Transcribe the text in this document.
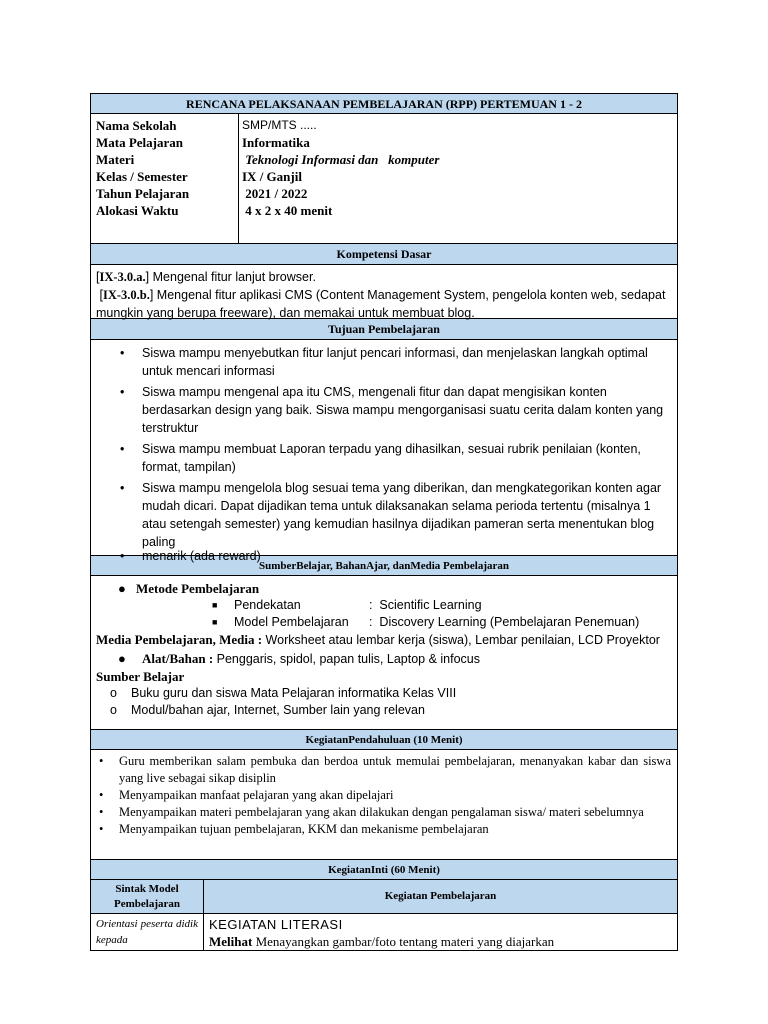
RENCANA PELAKSANAAN PEMBELAJARAN (RPP) PERTEMUAN 1 - 2
Nama Sekolah
Mata Pelajaran
Materi
Kelas / Semester
Tahun Pelajaran
Alokasi Waktu
SMP/MTS .....
Informatika
Teknologi Informasi dan   komputer
IX / Ganjil
2021 / 2022
4 x 2 x 40 menit
Kompetensi Dasar
[IX-3.0.a.] Mengenal fitur lanjut browser.
[IX-3.0.b.] Mengenal fitur aplikasi CMS (Content Management System, pengelola konten web, sedapat mungkin yang berupa freeware), dan memakai untuk membuat blog.
Tujuan Pembelajaran
• Siswa mampu menyebutkan fitur lanjut pencari informasi, dan menjelaskan langkah optimal untuk mencari informasi
• Siswa mampu mengenal apa itu CMS, mengenali fitur dan dapat mengisikan konten berdasarkan design yang baik. Siswa mampu mengorganisasi suatu cerita dalam konten yang terstruktur
• Siswa mampu membuat Laporan terpadu yang dihasilkan, sesuai rubrik penilaian (konten, format, tampilan)
• Siswa mampu mengelola blog sesuai tema yang diberikan, dan mengkategorikan konten agar mudah dicari. Dapat dijadikan tema untuk dilaksanakan selama perioda tertentu (misalnya 1 atau setengah semester) yang kemudian hasilnya dijadikan pameran serta menentukan blog paling
• menarik (ada reward)
SumberBelajar, BahanAjar, danMedia Pembelajaran
● Metode Pembelajaran
■ Pendekatan	:  Scientific Learning
■ Model Pembelajaran :  Discovery Learning (Pembelajaran Penemuan)
Media Pembelajaran, Media : Worksheet atau lembar kerja (siswa), Lembar penilaian, LCD Proyektor
● Alat/Bahan : Penggaris, spidol, papan tulis, Laptop & infocus
Sumber Belajar
o Buku guru dan siswa Mata Pelajaran informatika Kelas VIII
o Modul/bahan ajar, Internet, Sumber lain yang relevan
KegiatanPendahuluan (10 Menit)
• Guru memberikan salam pembuka dan berdoa untuk memulai pembelajaran, menanyakan kabar dan siswa yang live sebagai sikap disiplin
• Menyampaikan manfaat pelajaran yang akan dipelajari
• Menyampaikan materi pembelajaran yang akan dilakukan dengan pengalaman siswa/ materi sebelumnya
• Menyampaikan tujuan pembelajaran, KKM dan mekanisme pembelajaran
KegiatanInti (60 Menit)
Sintak Model Pembelajaran
Kegiatan Pembelajaran
Orientasi peserta didik kepada
KEGIATAN LITERASI
Melihat Menayangkan gambar/foto tentang materi yang diajarkan
